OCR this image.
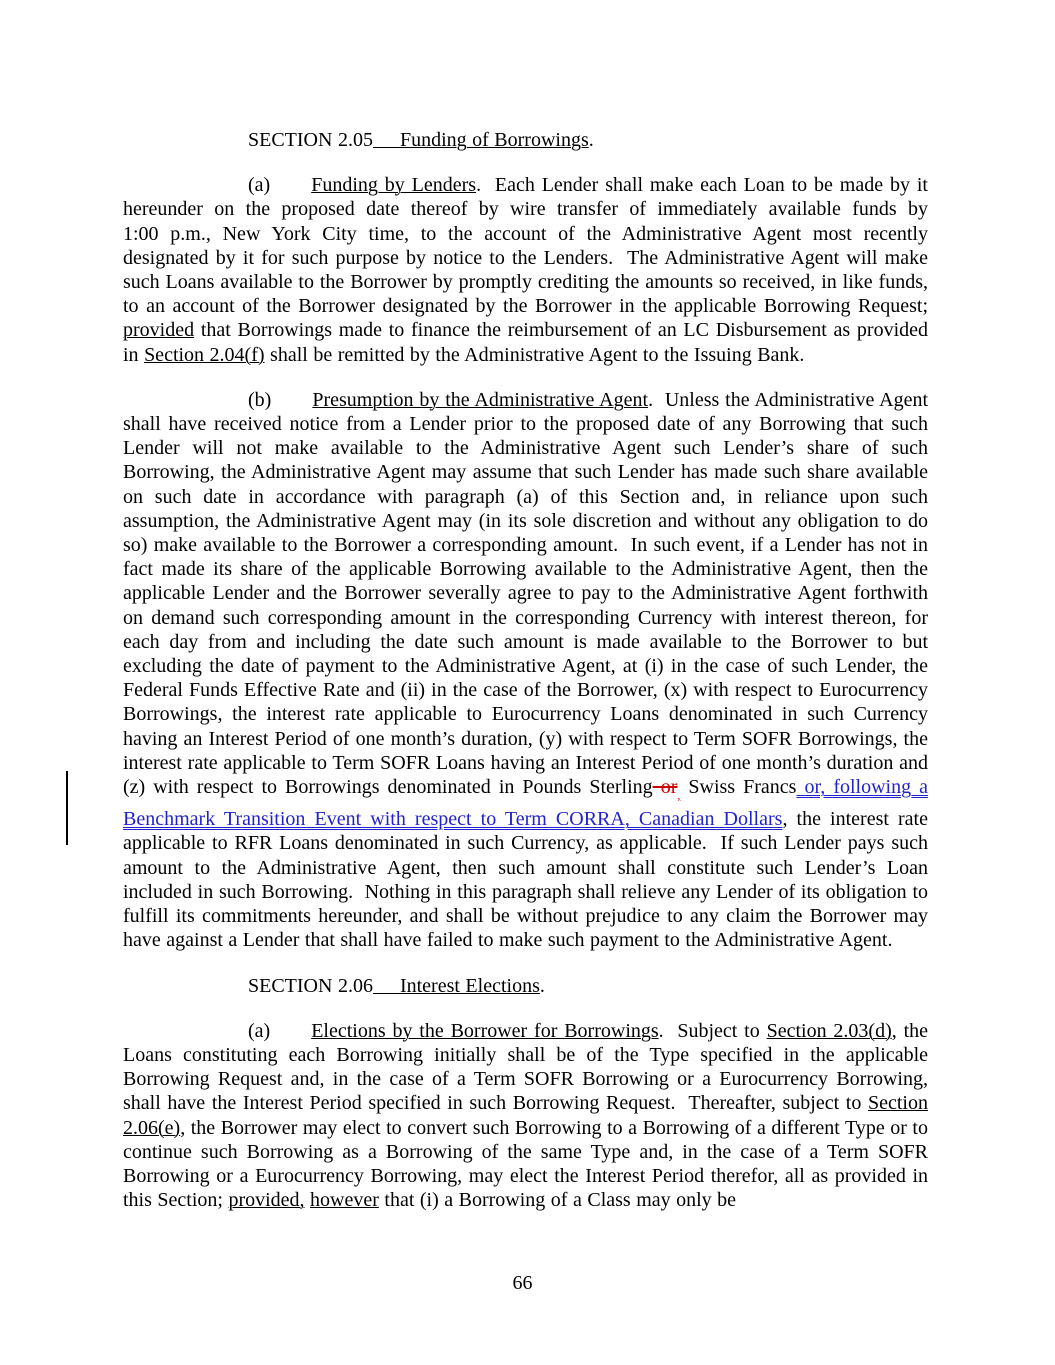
SECTION 2.05 Funding of Borrowings.
(a) Funding by Lenders.  Each Lender shall make each Loan to be made by it hereunder on the proposed date thereof by wire transfer of immediately available funds by 1:00 p.m., New York City time, to the account of the Administrative Agent most recently designated by it for such purpose by notice to the Lenders.  The Administrative Agent will make such Loans available to the Borrower by promptly crediting the amounts so received, in like funds, to an account of the Borrower designated by the Borrower in the applicable Borrowing Request; provided that Borrowings made to finance the reimbursement of an LC Disbursement as provided in Section 2.04(f) shall be remitted by the Administrative Agent to the Issuing Bank.
(b) Presumption by the Administrative Agent.  Unless the Administrative Agent shall have received notice from a Lender prior to the proposed date of any Borrowing that such Lender will not make available to the Administrative Agent such Lender’s share of such Borrowing, the Administrative Agent may assume that such Lender has made such share available on such date in accordance with paragraph (a) of this Section and, in reliance upon such assumption, the Administrative Agent may (in its sole discretion and without any obligation to do so) make available to the Borrower a corresponding amount.  In such event, if a Lender has not in fact made its share of the applicable Borrowing available to the Administrative Agent, then the applicable Lender and the Borrower severally agree to pay to the Administrative Agent forthwith on demand such corresponding amount in the corresponding Currency with interest thereon, for each day from and including the date such amount is made available to the Borrower to but excluding the date of payment to the Administrative Agent, at (i) in the case of such Lender, the Federal Funds Effective Rate and (ii) in the case of the Borrower, (x) with respect to Eurocurrency Borrowings, the interest rate applicable to Eurocurrency Loans denominated in such Currency having an Interest Period of one month’s duration, (y) with respect to Term SOFR Borrowings, the interest rate applicable to Term SOFR Loans having an Interest Period of one month’s duration and (z) with respect to Borrowings denominated in Pounds Sterling $or_,$ Swiss Francs or, following a Benchmark Transition Event with respect to Term CORRA, Canadian Dollars, the interest rate applicable to RFR Loans denominated in such Currency, as applicable.  If such Lender pays such amount to the Administrative Agent, then such amount shall constitute such Lender’s Loan included in such Borrowing.  Nothing in this paragraph shall relieve any Lender of its obligation to fulfill its commitments hereunder, and shall be without prejudice to any claim the Borrower may have against a Lender that shall have failed to make such payment to the Administrative Agent.
SECTION 2.06 Interest Elections.
(a) Elections by the Borrower for Borrowings.  Subject to Section 2.03(d), the Loans constituting each Borrowing initially shall be of the Type specified in the applicable Borrowing Request and, in the case of a Term SOFR Borrowing or a Eurocurrency Borrowing, shall have the Interest Period specified in such Borrowing Request.  Thereafter, subject to Section 2.06(e), the Borrower may elect to convert such Borrowing to a Borrowing of a different Type or to continue such Borrowing as a Borrowing of the same Type and, in the case of a Term SOFR Borrowing or a Eurocurrency Borrowing, may elect the Interest Period therefor, all as provided in this Section; provided, however that (i) a Borrowing of a Class may only be
66
